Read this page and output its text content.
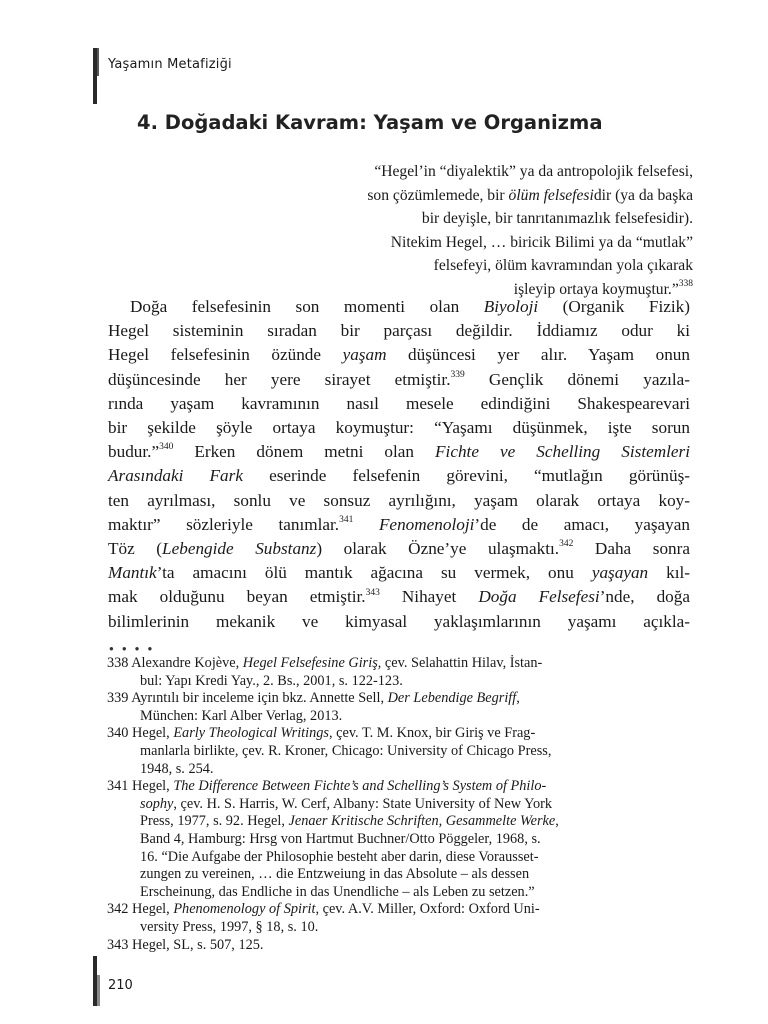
Yaşamın Metafiziği
4. Doğadaki Kavram: Yaşam ve Organizma
“Hegel’in “diyalektik” ya da antropolojik felsefesi,
son çözümlemede, bir ölüm felsefesidir (ya da başka
bir deyişle, bir tanrıtanımazlık felsefesidir).
Nitekim Hegel, … biricik Bilimi ya da “mutlak”
felsefeyi, ölüm kavramından yola çıkarak
işleyip ortaya koymuştur.”$^{338}$
Doğa felsefesinin son momenti olan Biyoloji (Organik Fizik)
Hegel sisteminin sıradan bir parçası değildir. İddiamız odur ki
Hegel felsefesinin özünde yaşam düşüncesi yer alır. Yaşam onun
düşüncesinde her yere sirayet etmiştir.$^{339}$ Gençlik dönemi yazıla-
rında yaşam kavramının nasıl mesele edindiğini Shakespearevari
bir şekilde şöyle ortaya koymuştur: “Yaşamı düşünmek, işte sorun
budur.”$^{340}$ Erken dönem metni olan Fichte ve Schelling Sistemleri
Arasındaki Fark eserinde felsefenin görevini, “mutlağın görünüş-
ten ayrılması, sonlu ve sonsuz ayrılığını, yaşam olarak ortaya koy-
maktır” sözleriyle tanımlar.$^{341}$ Fenomenoloji’de de amacı, yaşayan
Töz (Lebengide Substanz) olarak Özne’ye ulaşmaktı.$^{342}$ Daha sonra
Mantık’ta amacını ölü mantık ağacına su vermek, onu yaşayan kıl-
mak olduğunu beyan etmiştir.$^{343}$ Nihayet Doğa Felsefesi’nde, doğa
bilimlerinin mekanik ve kimyasal yaklaşımlarının yaşamı açıkla-
● ● ● ●
338 Alexandre Kojève, Hegel Felsefesine Giriş, çev. Selahattin Hilav, İstan-
bul: Yapı Kredi Yay., 2. Bs., 2001, s. 122-123.
339 Ayrıntılı bir inceleme için bkz. Annette Sell, Der Lebendige Begriff,
München: Karl Alber Verlag, 2013.
340 Hegel, Early Theological Writings, çev. T. M. Knox, bir Giriş ve Frag-
manlarla birlikte, çev. R. Kroner, Chicago: University of Chicago Press,
1948, s. 254.
341 Hegel, The Difference Between Fichte’s and Schelling’s System of Philo-
sophy, çev. H. S. Harris, W. Cerf, Albany: State University of New York
Press, 1977, s. 92. Hegel, Jenaer Kritische Schriften, Gesammelte Werke,
Band 4, Hamburg: Hrsg von Hartmut Buchner/Otto Pöggeler, 1968, s.
16. “Die Aufgabe der Philosophie besteht aber darin, diese Vorausset-
zungen zu vereinen, … die Entzweiung in das Absolute – als dessen
Erscheinung, das Endliche in das Unendliche – als Leben zu setzen.”
342 Hegel, Phenomenology of Spirit, çev. A.V. Miller, Oxford: Oxford Uni-
versity Press, 1997, § 18, s. 10.
343 Hegel, SL, s. 507, 125.
210
